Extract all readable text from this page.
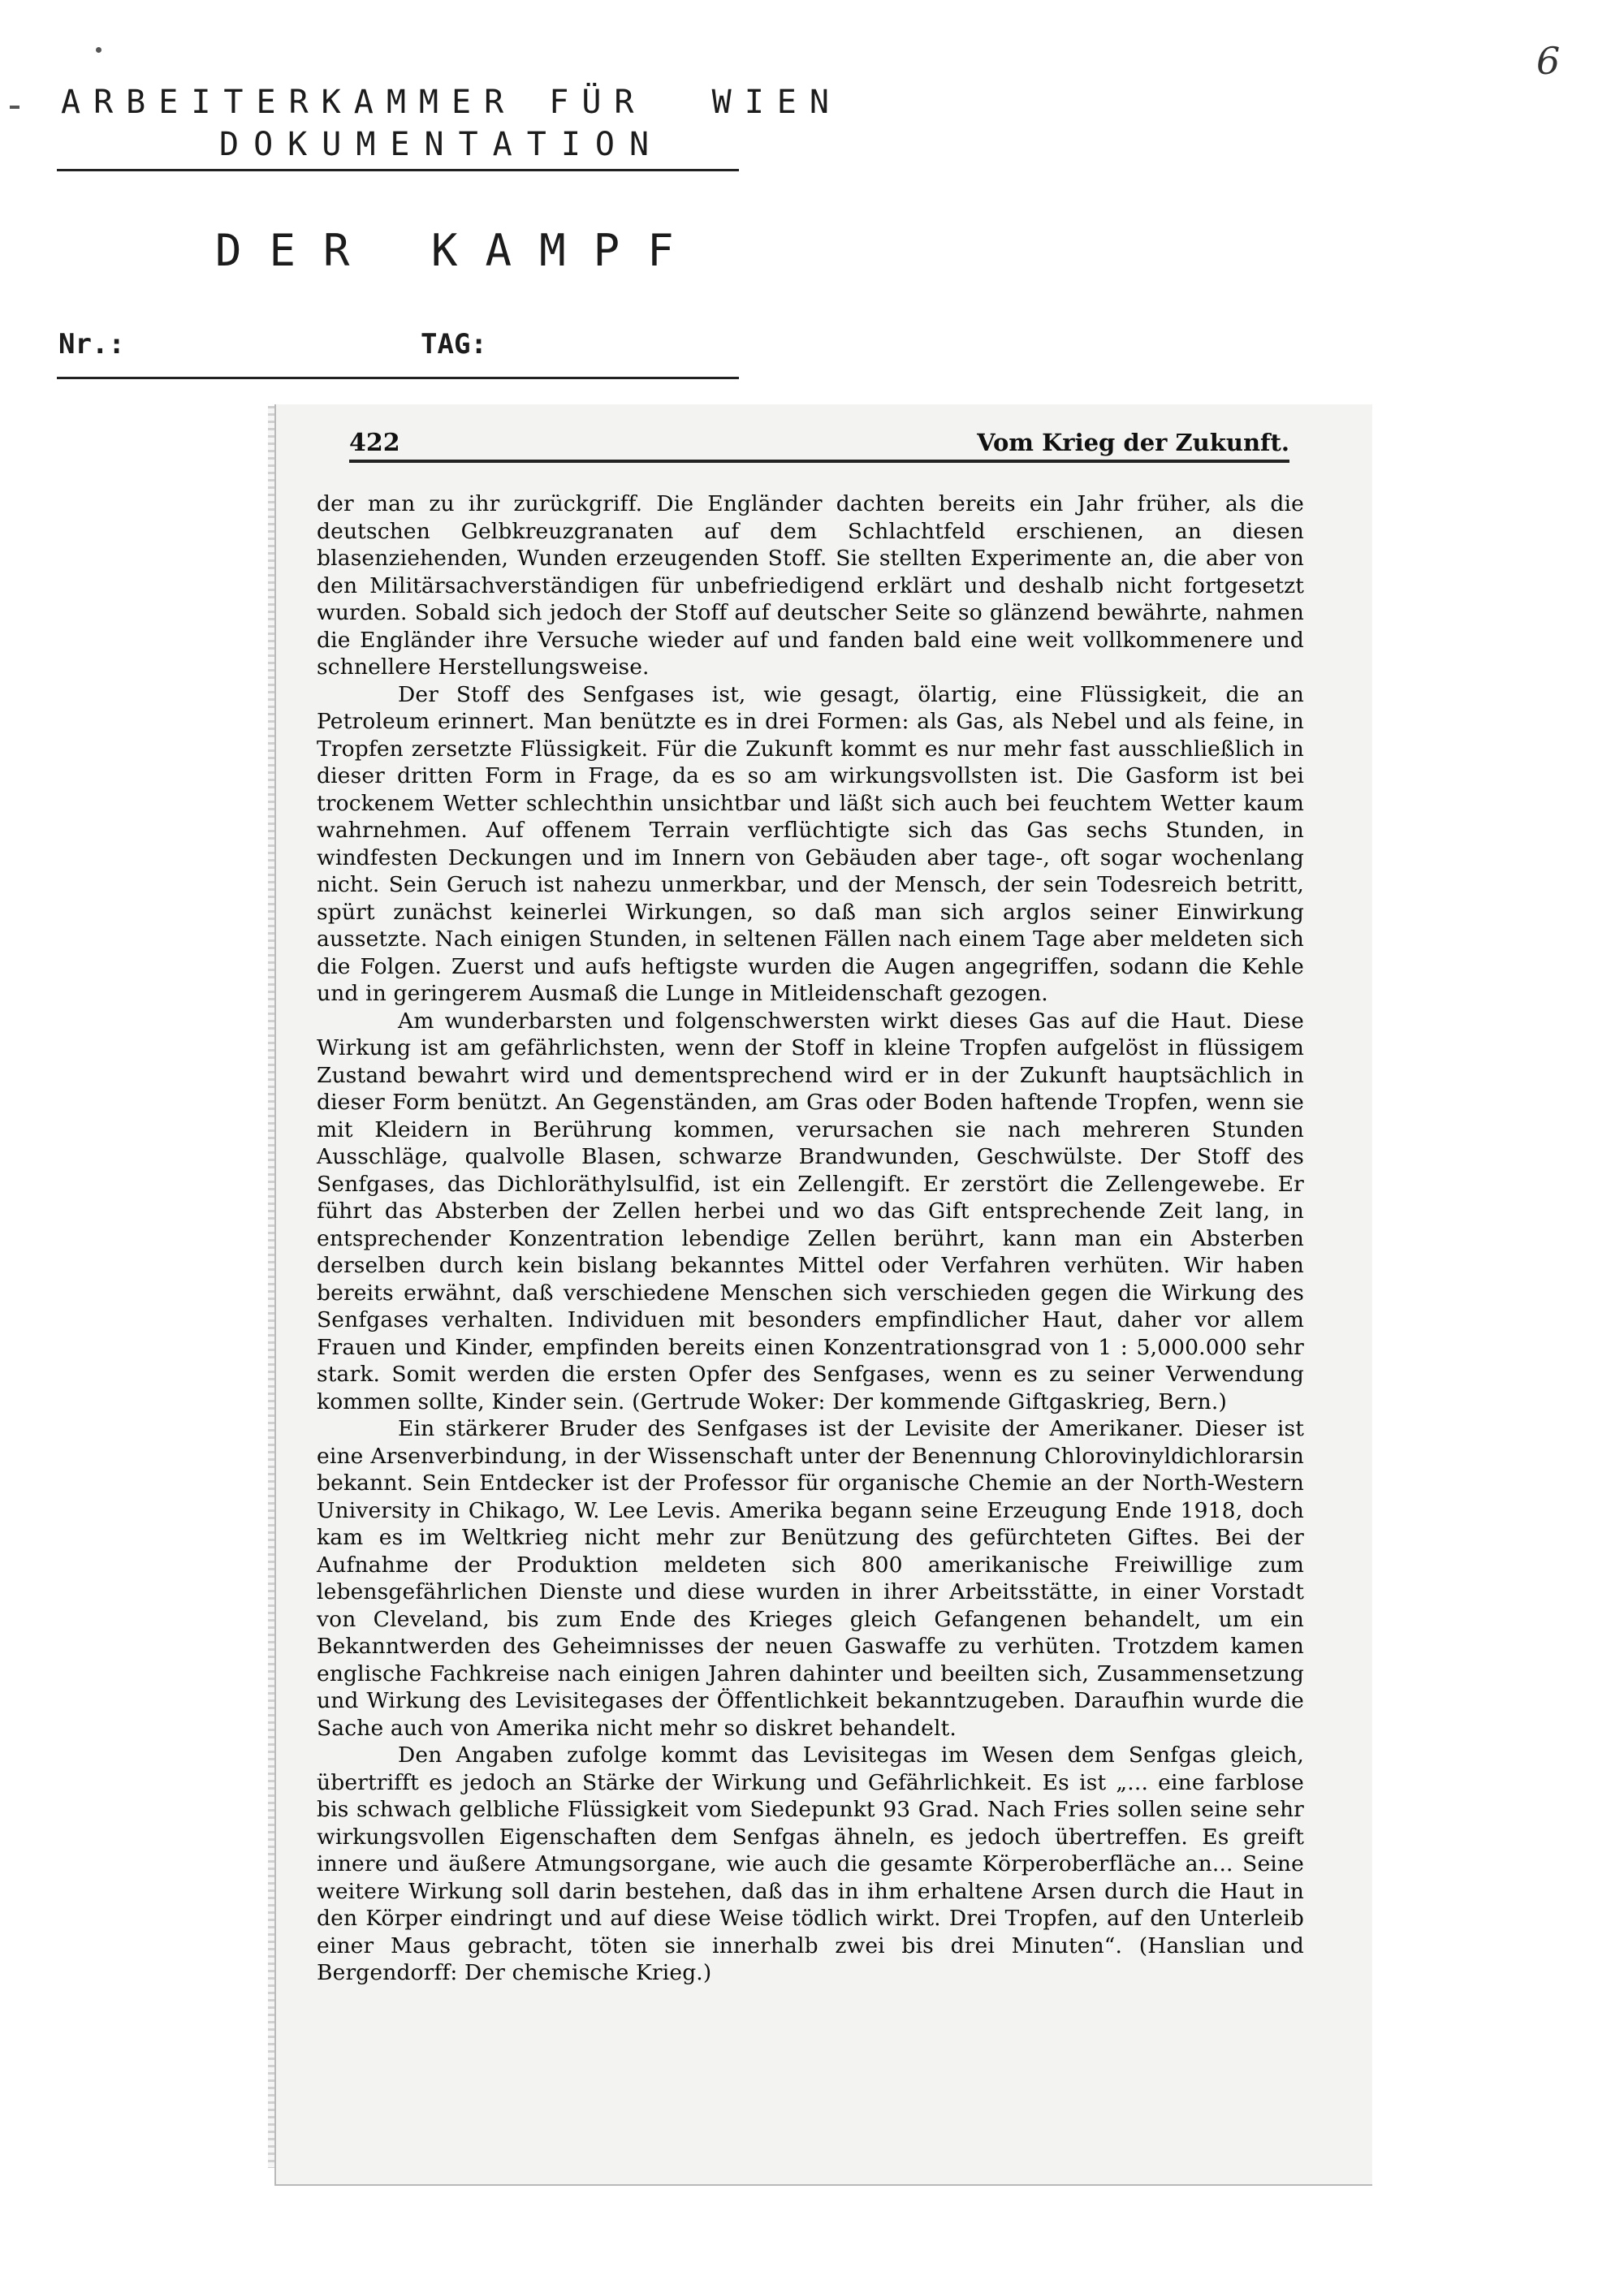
6
ARBEITERKAMMER FÜR  WIEN
DOKUMENTATION
DER KAMPF
Nr.:	TAG:
422	Vom Krieg der Zukunft.

der man zu ihr zurückgriff. Die Engländer dachten bereits ein Jahr früher, als die deutschen Gelbkreuzgranaten auf dem Schlachtfeld erschienen, an diesen blasenziehenden, Wunden erzeugenden Stoff. Sie stellten Experimente an, die aber von den Militärsachverständigen für unbefriedigend erklärt und deshalb nicht fortgesetzt wurden. Sobald sich jedoch der Stoff auf deutscher Seite so glänzend bewährte, nahmen die Engländer ihre Versuche wieder auf und fanden bald eine weit vollkommenere und schnellere Herstellungsweise.

Der Stoff des Senfgases ist, wie gesagt, ölartig, eine Flüssigkeit, die an Petroleum erinnert. Man benützte es in drei Formen: als Gas, als Nebel und als feine, in Tropfen zersetzte Flüssigkeit. Für die Zukunft kommt es nur mehr fast ausschließlich in dieser dritten Form in Frage, da es so am wirkungsvollsten ist. Die Gasform ist bei trockenem Wetter schlechthin unsichtbar und läßt sich auch bei feuchtem Wetter kaum wahrnehmen. Auf offenem Terrain verflüchtigte sich das Gas sechs Stunden, in windfesten Deckungen und im Innern von Gebäuden aber tage-, oft sogar wochenlang nicht. Sein Geruch ist nahezu unmerkbar, und der Mensch, der sein Todesreich betritt, spürt zunächst keinerlei Wirkungen, so daß man sich arglos seiner Einwirkung aussetzte. Nach einigen Stunden, in seltenen Fällen nach einem Tage aber meldeten sich die Folgen. Zuerst und aufs heftigste wurden die Augen angegriffen, sodann die Kehle und in geringerem Ausmaß die Lunge in Mitleidenschaft gezogen.

Am wunderbarsten und folgenschwersten wirkt dieses Gas auf die Haut. Diese Wirkung ist am gefährlichsten, wenn der Stoff in kleine Tropfen aufgelöst in flüssigem Zustand bewahrt wird und dementsprechend wird er in der Zukunft hauptsächlich in dieser Form benützt. An Gegenständen, am Gras oder Boden haftende Tropfen, wenn sie mit Kleidern in Berührung kommen, verursachen sie nach mehreren Stunden Ausschläge, qualvolle Blasen, schwarze Brandwunden, Geschwülste. Der Stoff des Senfgases, das Dichloräthylsulfid, ist ein Zellengift. Er zerstört die Zellengewebe. Er führt das Absterben der Zellen herbei und wo das Gift entsprechende Zeit lang, in entsprechender Konzentration lebendige Zellen berührt, kann man ein Absterben derselben durch kein bislang bekanntes Mittel oder Verfahren verhüten. Wir haben bereits erwähnt, daß verschiedene Menschen sich verschieden gegen die Wirkung des Senfgases verhalten. Individuen mit besonders empfindlicher Haut, daher vor allem Frauen und Kinder, empfinden bereits einen Konzentrationsgrad von 1 : 5,000.000 sehr stark. Somit werden die ersten Opfer des Senfgases, wenn es zu seiner Verwendung kommen sollte, Kinder sein. (Gertrude Woker: Der kommende Giftgaskrieg, Bern.)

Ein stärkerer Bruder des Senfgases ist der Levisite der Amerikaner. Dieser ist eine Arsenverbindung, in der Wissenschaft unter der Benennung Chlorovinyldichlorarsin bekannt. Sein Entdecker ist der Professor für organische Chemie an der North-Western University in Chikago, W. Lee Levis. Amerika begann seine Erzeugung Ende 1918, doch kam es im Weltkrieg nicht mehr zur Benützung des gefürchteten Giftes. Bei der Aufnahme der Produktion meldeten sich 800 amerikanische Freiwillige zum lebensgefährlichen Dienste und diese wurden in ihrer Arbeitsstätte, in einer Vorstadt von Cleveland, bis zum Ende des Krieges gleich Gefangenen behandelt, um ein Bekanntwerden des Geheimnisses der neuen Gaswaffe zu verhüten. Trotzdem kamen englische Fachkreise nach einigen Jahren dahinter und beeilten sich, Zusammensetzung und Wirkung des Levisitegases der Öffentlichkeit bekanntzugeben. Daraufhin wurde die Sache auch von Amerika nicht mehr so diskret behandelt.

Den Angaben zufolge kommt das Levisitegas im Wesen dem Senfgas gleich, übertrifft es jedoch an Stärke der Wirkung und Gefährlichkeit. Es ist „... eine farblose bis schwach gelbliche Flüssigkeit vom Siedepunkt 93 Grad. Nach Fries sollen seine sehr wirkungsvollen Eigenschaften dem Senfgas ähneln, es jedoch übertreffen. Es greift innere und äußere Atmungsorgane, wie auch die gesamte Körperoberfläche an... Seine weitere Wirkung soll darin bestehen, daß das in ihm erhaltene Arsen durch die Haut in den Körper eindringt und auf diese Weise tödlich wirkt. Drei Tropfen, auf den Unterleib einer Maus gebracht, töten sie innerhalb zwei bis drei Minuten“. (Hanslian und Bergendorff: Der chemische Krieg.)
